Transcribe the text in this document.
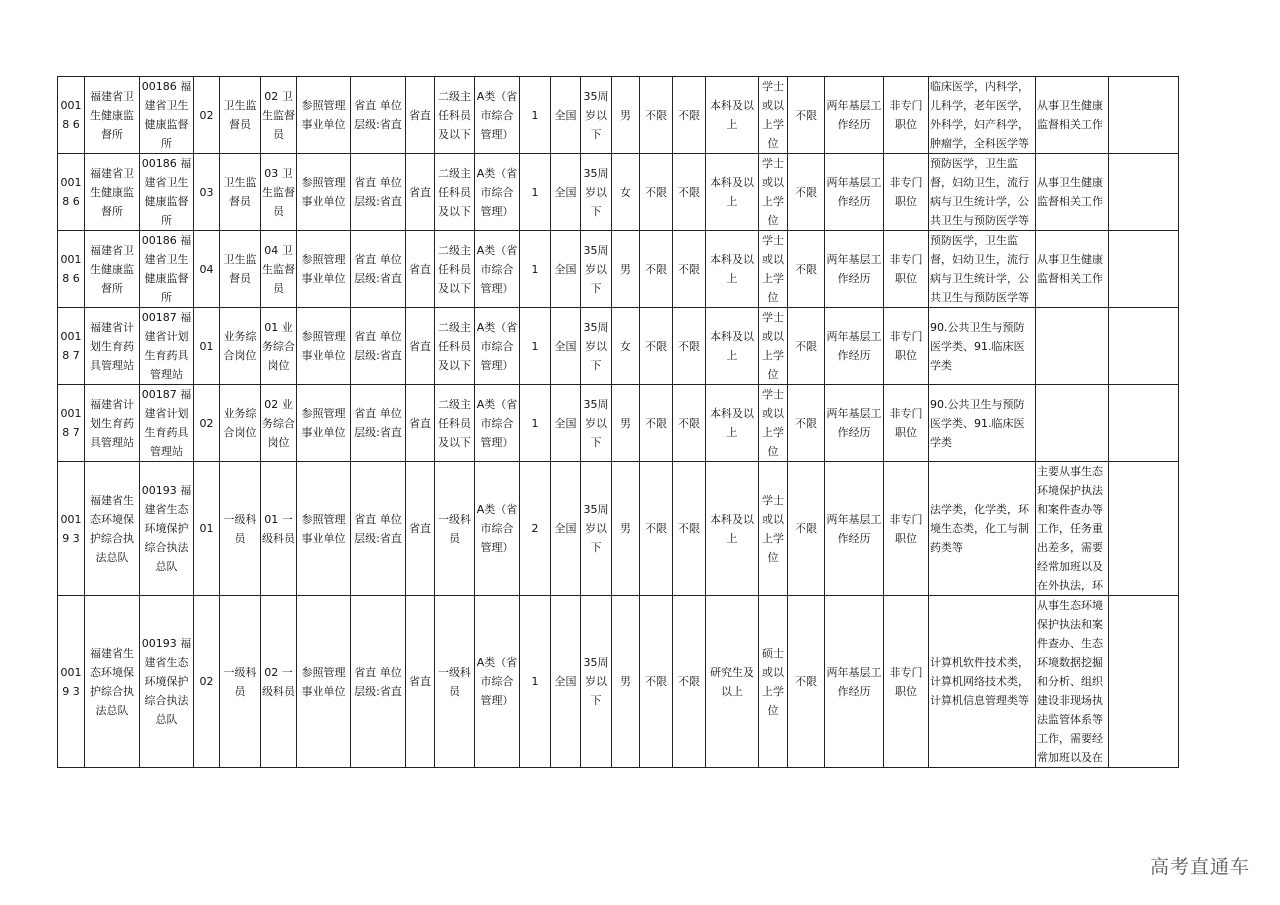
0018 6	福建省卫生健康监督所	00186 福建省卫生健康监督所	02	卫生监督员	02 卫生监督员	参照管理事业单位	省直 单位层级:省直	省直	二级主任科员及以下	A类（省市综合管理）	1	全国	35周岁以下	男	不限	不限	本科及以上	学士或以上学位	不限	两年基层工作经历	非专门职位	临床医学，内科学，儿科学，老年医学，外科学，妇产科学，肿瘤学，全科医学等	从事卫生健康监督相关工作	
0018 6	福建省卫生健康监督所	00186 福建省卫生健康监督所	03	卫生监督员	03 卫生监督员	参照管理事业单位	省直 单位层级:省直	省直	二级主任科员及以下	A类（省市综合管理）	1	全国	35周岁以下	女	不限	不限	本科及以上	学士或以上学位	不限	两年基层工作经历	非专门职位	预防医学，卫生监督，妇幼卫生，流行病与卫生统计学，公共卫生与预防医学等	从事卫生健康监督相关工作	
0018 6	福建省卫生健康监督所	00186 福建省卫生健康监督所	04	卫生监督员	04 卫生监督员	参照管理事业单位	省直 单位层级:省直	省直	二级主任科员及以下	A类（省市综合管理）	1	全国	35周岁以下	男	不限	不限	本科及以上	学士或以上学位	不限	两年基层工作经历	非专门职位	预防医学，卫生监督，妇幼卫生，流行病与卫生统计学，公共卫生与预防医学等	从事卫生健康监督相关工作	
0018 7	福建省计划生育药具管理站	00187 福建省计划生育药具管理站	01	业务综合岗位	01 业务综合岗位	参照管理事业单位	省直 单位层级:省直	省直	二级主任科员及以下	A类（省市综合管理）	1	全国	35周岁以下	女	不限	不限	本科及以上	学士或以上学位	不限	两年基层工作经历	非专门职位	90.公共卫生与预防医学类、91.临床医学类		
0018 7	福建省计划生育药具管理站	00187 福建省计划生育药具管理站	02	业务综合岗位	02 业务综合岗位	参照管理事业单位	省直 单位层级:省直	省直	二级主任科员及以下	A类（省市综合管理）	1	全国	35周岁以下	男	不限	不限	本科及以上	学士或以上学位	不限	两年基层工作经历	非专门职位	90.公共卫生与预防医学类、91.临床医学类		
0019 3	福建省生态环境保护综合执法总队	00193 福建省生态环境保护综合执法总队	01	一级科员	01 一级科员	参照管理事业单位	省直 单位层级:省直	省直	一级科员	A类（省市综合管理）	2	全国	35周岁以下	男	不限	不限	本科及以上	学士或以上学位	不限	两年基层工作经历	非专门职位	法学类，化学类，环境生态类，化工与制药类等	主要从事生态环境保护执法和案件查办等工作，任务重出差多，需要经常加班以及在外执法，环	
0019 3	福建省生态环境保护综合执法总队	00193 福建省生态环境保护综合执法总队	02	一级科员	02 一级科员	参照管理事业单位	省直 单位层级:省直	省直	一级科员	A类（省市综合管理）	1	全国	35周岁以下	男	不限	不限	研究生及以上	硕士或以上学位	不限	两年基层工作经历	非专门职位	计算机软件技术类，计算机网络技术类，计算机信息管理类等	从事生态环境保护执法和案件查办、生态环境数据挖掘和分析、组织建设非现场执法监管体系等工作，需要经常加班以及在	
高考直通车
